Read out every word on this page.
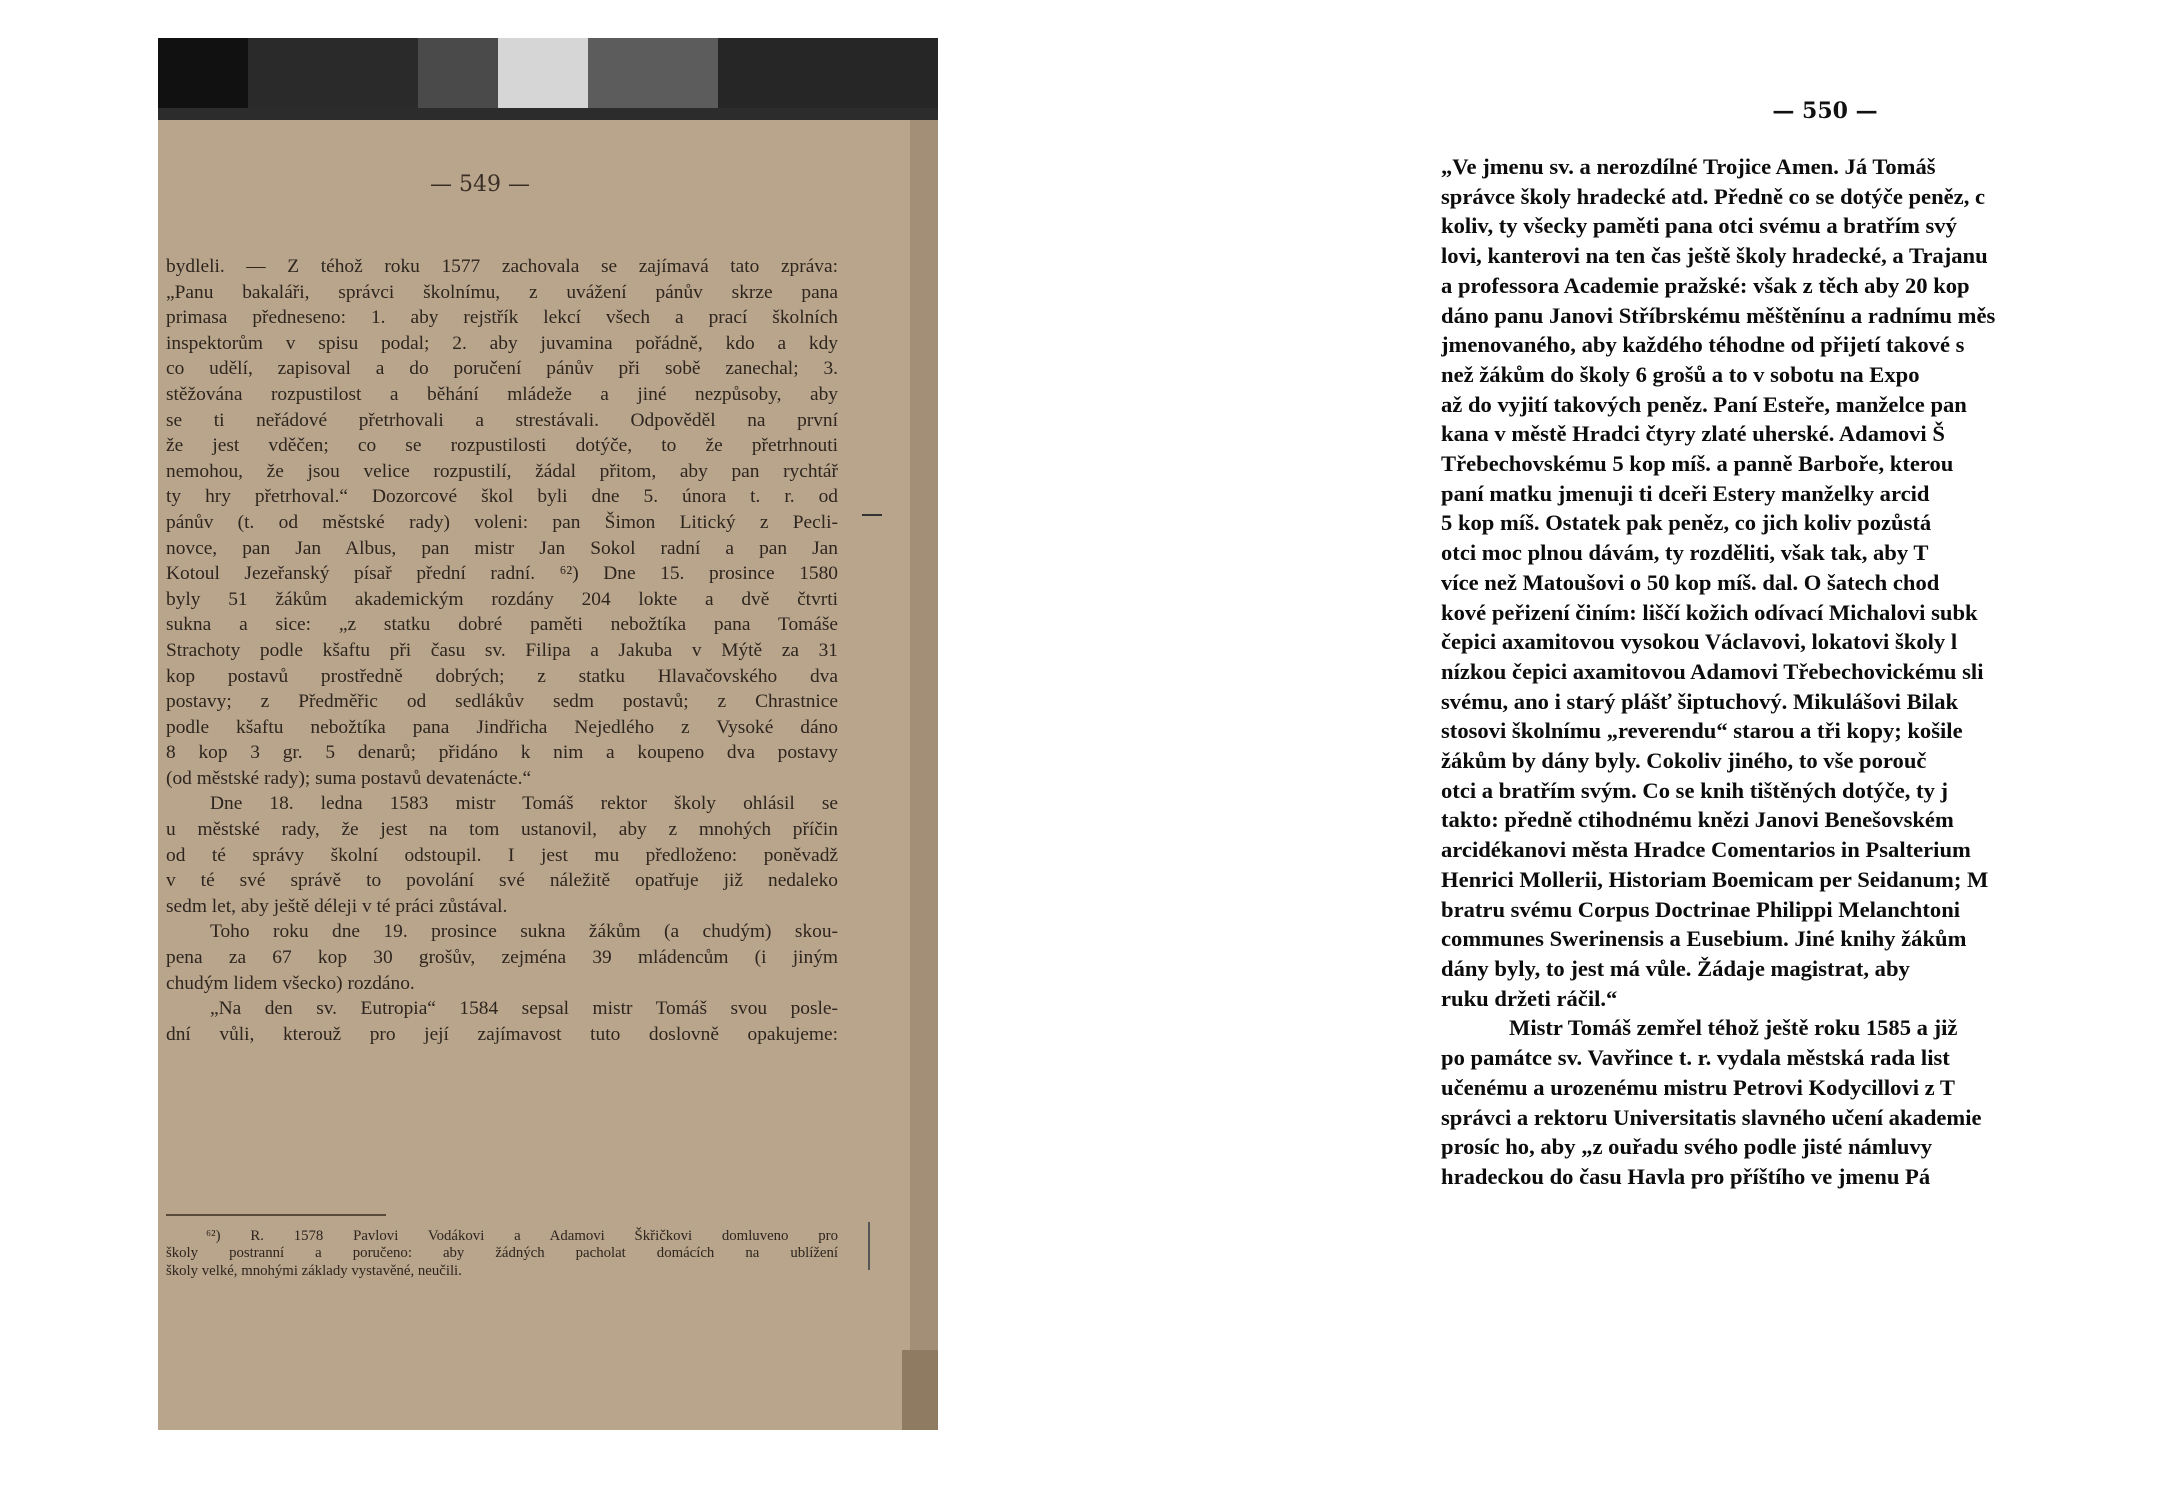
— 549 —
bydleli. — Z téhož roku 1577 zachovala se zajímavá tato zpráva:
„Panu bakaláři, správci školnímu, z uvážení pánův skrze pana
primasa předneseno: 1. aby rejstřík lekcí všech a prací školních
inspektorům v spisu podal; 2. aby juvamina pořádně, kdo a kdy
co udělí, zapisoval a do poručení pánův při sobě zanechal; 3.
stěžována rozpustilost a běhání mládeže a jiné nezpůsoby, aby
se ti neřádové přetrhovali a strestávali. Odpověděl na první
že jest vděčen; co se rozpustilosti dotýče, to že přetrhnouti
nemohou, že jsou velice rozpustilí, žádal přitom, aby pan rychtář
ty hry přetrhoval.“ Dozorcové škol byli dne 5. února t. r. od
pánův (t. od městské rady) voleni: pan Šimon Litický z Pecli-
novce, pan Jan Albus, pan mistr Jan Sokol radní a pan Jan
Kotoul Jezeřanský písař přední radní. ⁶²) Dne 15. prosince 1580
byly 51 žákům akademickým rozdány 204 lokte a dvě čtvrti
sukna a sice: „z statku dobré paměti nebožtíka pana Tomáše
Strachoty podle kšaftu při času sv. Filipa a Jakuba v Mýtě za 31
kop postavů prostředně dobrých; z statku Hlavačovského dva
postavy; z Předměřic od sedlákův sedm postavů; z Chrastnice
podle kšaftu nebožtíka pana Jindřicha Nejedlého z Vysoké dáno
8 kop 3 gr. 5 denarů; přidáno k nim a koupeno dva postavy
(od městské rady); suma postavů devatenácte.“
Dne 18. ledna 1583 mistr Tomáš rektor školy ohlásil se
u městské rady, že jest na tom ustanovil, aby z mnohých příčin
od té správy školní odstoupil. I jest mu předloženo: poněvadž
v té své správě to povolání své náležitě opatřuje již nedaleko
sedm let, aby ještě déleji v té práci zůstával.
Toho roku dne 19. prosince sukna žákům (a chudým) skou-
pena za 67 kop 30 grošův, zejména 39 mládencům (i jiným
chudým lidem všecko) rozdáno.
„Na den sv. Eutropia“ 1584 sepsal mistr Tomáš svou posle-
dní vůli, kterouž pro její zajímavost tuto doslovně opakujeme:
⁶²) R. 1578 Pavlovi Vodákovi a Adamovi Škřičkovi domluveno pro
školy postranní a poručeno: aby žádných pacholat domácích na ublížení
školy velké, mnohými základy vystavěné, neučili.
— 550 —
„Ve jmenu sv. a nerozdílné Trojice Amen. Já Tomáš
správce školy hradecké atd. Předně co se dotýče peněz, c
koliv, ty všecky paměti pana otci svému a bratřím svý
lovi, kanterovi na ten čas ještě školy hradecké, a Trajanu
a professora Academie pražské: však z těch aby 20 kop
dáno panu Janovi Stříbrskému měštěnínu a radnímu měs
jmenovaného, aby každého téhodne od přijetí takové s
než žákům do školy 6 grošů a to v sobotu na Expo
až do vyjití takových peněz. Paní Esteře, manželce pan
kana v městě Hradci čtyry zlaté uherské. Adamovi Š
Třebechovskému 5 kop míš. a panně Barboře, kterou
paní matku jmenuji ti dceři Estery manželky arcid
5 kop míš. Ostatek pak peněz, co jich koliv pozůstá
otci moc plnou dávám, ty rozděliti, však tak, aby T
více než Matoušovi o 50 kop míš. dal. O šatech chod
kové peřizení činím: liščí kožich odívací Michalovi subk
čepici axamitovou vysokou Václavovi, lokatovi školy l
nízkou čepici axamitovou Adamovi Třebechovickému sli
svému, ano i starý plášť šiptuchový. Mikulášovi Bilak
stosovi školnímu „reverendu“ starou a tři kopy; košile
žákům by dány byly. Cokoliv jiného, to vše porouč
otci a bratřím svým. Co se knih tištěných dotýče, ty j
takto: předně ctihodnému knězi Janovi Benešovském
arcidékanovi města Hradce Comentarios in Psalterium
Henrici Mollerii, Historiam Boemicam per Seidanum; M
bratru svému Corpus Doctrinae Philippi Melanchtoni
communes Swerinensis a Eusebium. Jiné knihy žákům
dány byly, to jest má vůle. Žádaje magistrat, aby
ruku držeti ráčil.“
Mistr Tomáš zemřel téhož ještě roku 1585 a již
po památce sv. Vavřince t. r. vydala městská rada list
učenému a urozenému mistru Petrovi Kodycillovi z T
správci a rektoru Universitatis slavného učení akademie
prosíc ho, aby „z ouřadu svého podle jisté námluvy
hradeckou do času Havla pro příštího ve jmenu Pá
